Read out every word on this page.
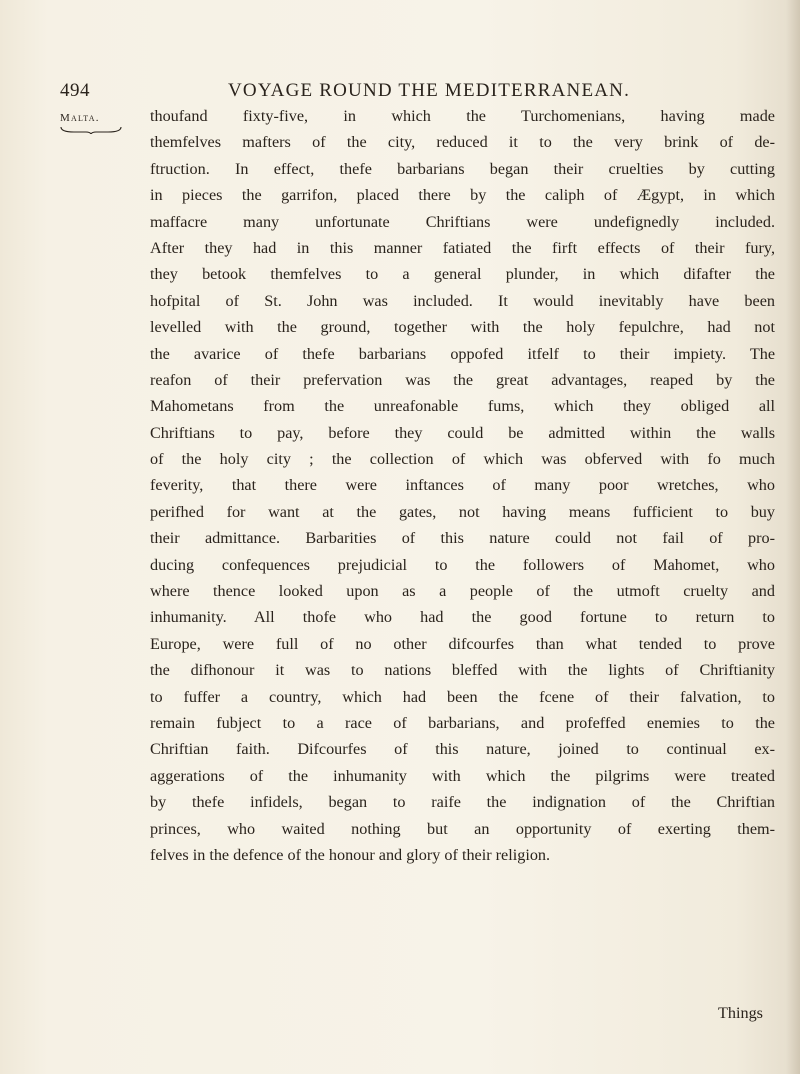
494	VOYAGE ROUND THE MEDITERRANEAN.
Malta.	thoufand fixty-five, in which the Turchomenians, having made
themfelves mafters of the city, reduced it to the very brink of de-
ftruction. In effect, thefe barbarians began their cruelties by cutting
in pieces the garrifon, placed there by the caliph of Ægypt, in which
maffacre many unfortunate Chriftians were undefignedly included.
After they had in this manner fatiated the firft effects of their fury,
they betook themfelves to a general plunder, in which difafter the
hofpital of St. John was included. It would inevitably have been
levelled with the ground, together with the holy fepulchre, had not
the avarice of thefe barbarians oppofed itfelf to their impiety. The
reafon of their prefervation was the great advantages, reaped by the
Mahometans from the unreafonable fums, which they obliged all
Chriftians to pay, before they could be admitted within the walls
of the holy city ; the collection of which was obferved with fo much
feverity, that there were inftances of many poor wretches, who
perifhed for want at the gates, not having means fufficient to buy
their admittance. Barbarities of this nature could not fail of pro-
ducing confequences prejudicial to the followers of Mahomet, who
where thence looked upon as a people of the utmoft cruelty and
inhumanity. All thofe who had the good fortune to return to
Europe, were full of no other difcourfes than what tended to prove
the difhonour it was to nations bleffed with the lights of Chriftianity
to fuffer a country, which had been the fcene of their falvation, to
remain fubject to a race of barbarians, and profeffed enemies to the
Chriftian faith. Difcourfes of this nature, joined to continual ex-
aggerations of the inhumanity with which the pilgrims were treated
by thefe infidels, began to raife the indignation of the Chriftian
princes, who waited nothing but an opportunity of exerting them-
felves in the defence of the honour and glory of their religion.
Things
